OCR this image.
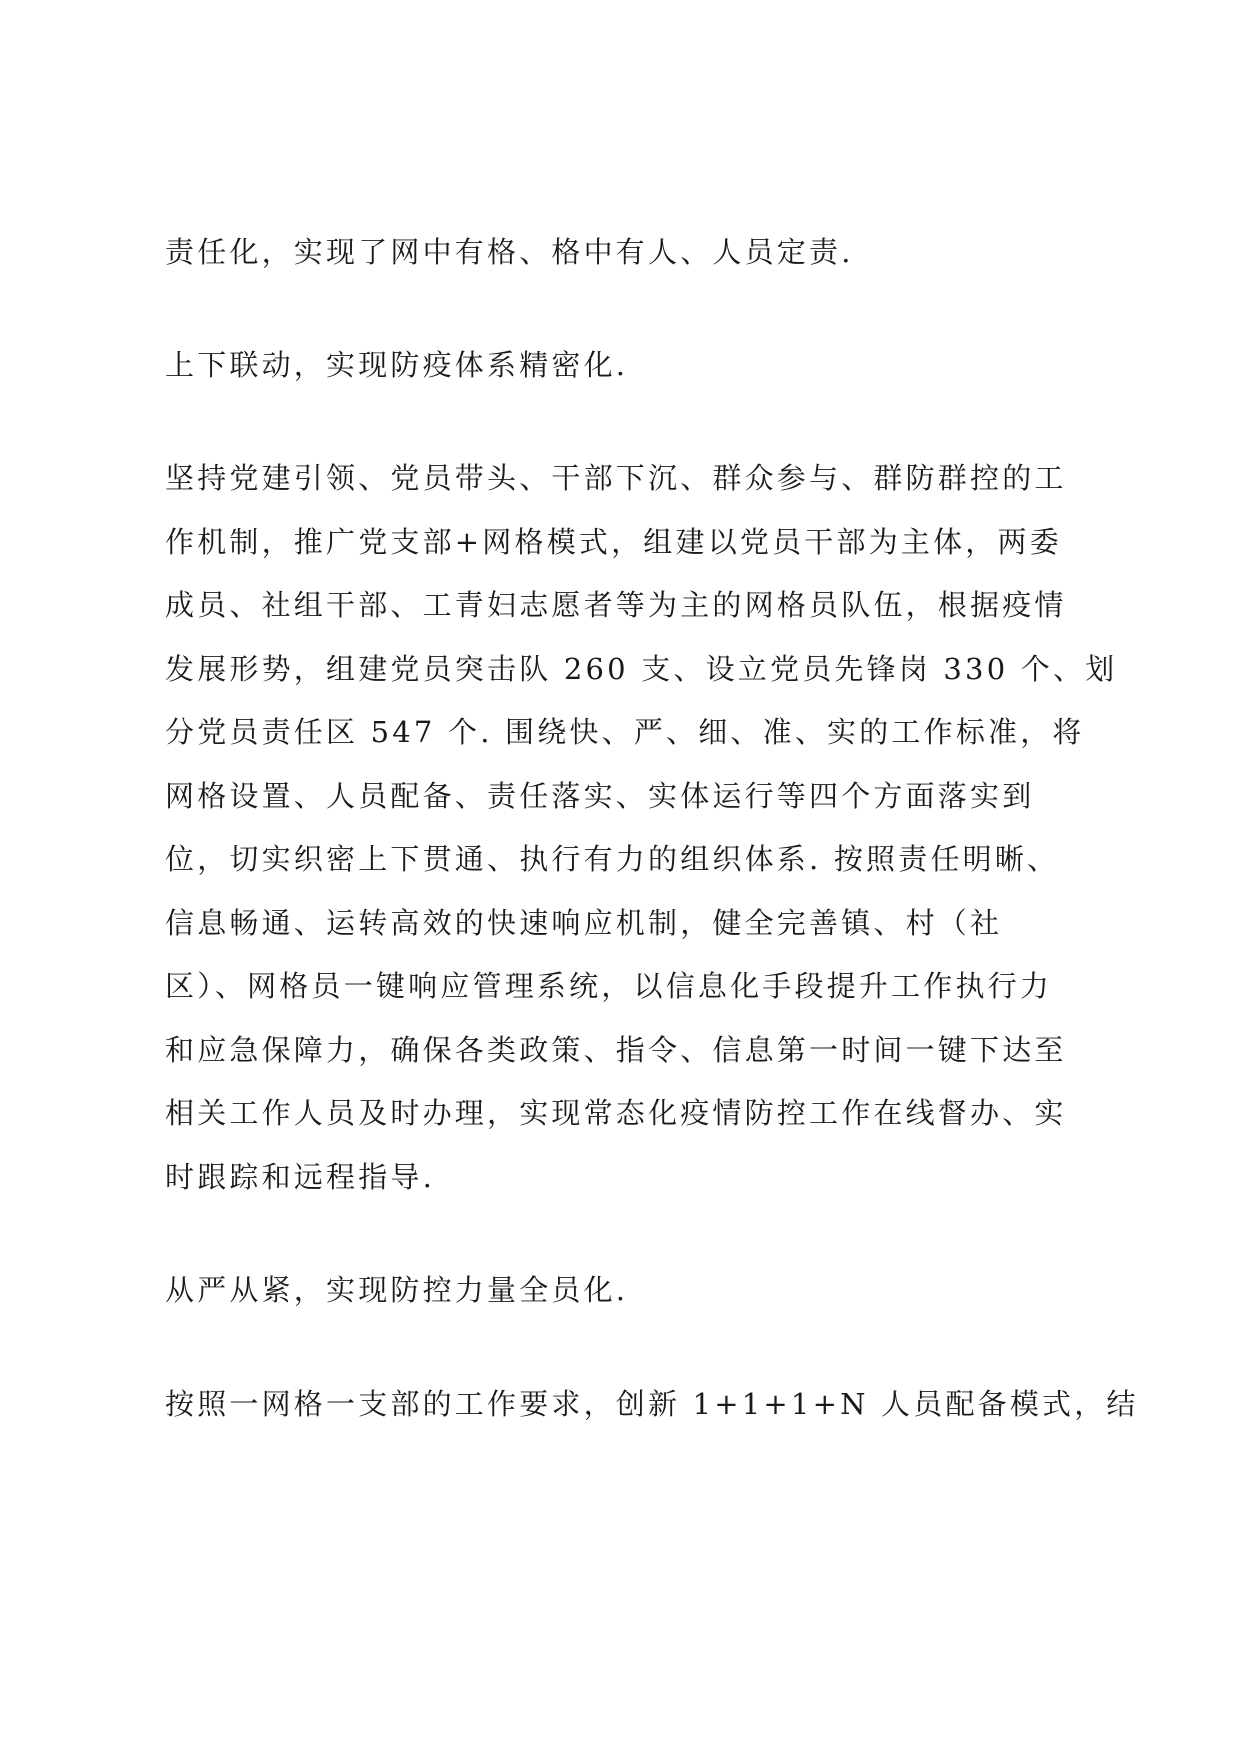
责任化，实现了网中有格、格中有人、人员定责.

上下联动，实现防疫体系精密化.

坚持党建引领、党员带头、干部下沉、群众参与、群防群控的工

作机制，推广党支部+网格模式，组建以党员干部为主体，两委

成员、社组干部、工青妇志愿者等为主的网格员队伍，根据疫情

发展形势，组建党员突击队 260 支、设立党员先锋岗 330 个、划

分党员责任区 547 个. 围绕快、严、细、准、实的工作标准，将

网格设置、人员配备、责任落实、实体运行等四个方面落实到

位，切实织密上下贯通、执行有力的组织体系. 按照责任明晰、

信息畅通、运转高效的快速响应机制，健全完善镇、村（社

区）、网格员一键响应管理系统，以信息化手段提升工作执行力

和应急保障力，确保各类政策、指令、信息第一时间一键下达至

相关工作人员及时办理，实现常态化疫情防控工作在线督办、实

时跟踪和远程指导.

从严从紧，实现防控力量全员化.

按照一网格一支部的工作要求，创新 1+1+1+N 人员配备模式，结
